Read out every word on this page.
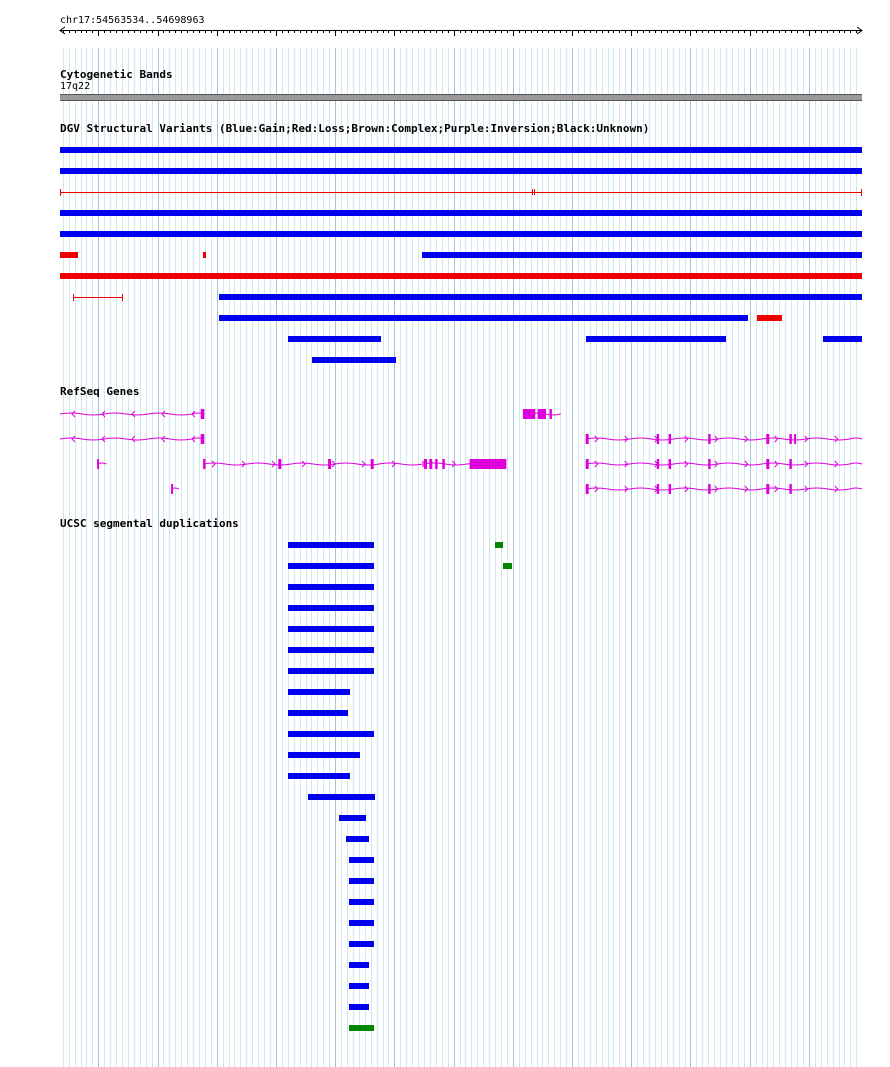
chr17:54563534..54698963
Cytogenetic Bands
17q22
DGV Structural Variants (Blue:Gain;Red:Loss;Brown:Complex;Purple:Inversion;Black:Unknown)
RefSeq Genes
UCSC segmental duplications
